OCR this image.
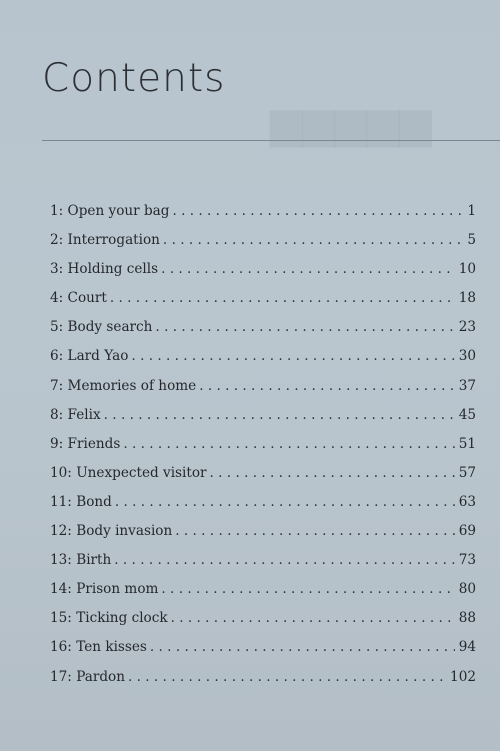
▆▆▆▆▆
Contents
1: Open your bag . . .	1
2: Interrogation . . .	5
3: Holding cells . . .	10
4: Court . . .	18
5: Body search . . .	23
6: Lard Yao . . .	30
7: Memories of home . . .	37
8: Felix . . .	45
9: Friends . . .	51
10: Unexpected visitor . . .	57
11: Bond . . .	63
12: Body invasion . . .	69
13: Birth . . .	73
14: Prison mom . . .	80
15: Ticking clock . . .	88
16: Ten kisses . . .	94
17: Pardon . . .	102
